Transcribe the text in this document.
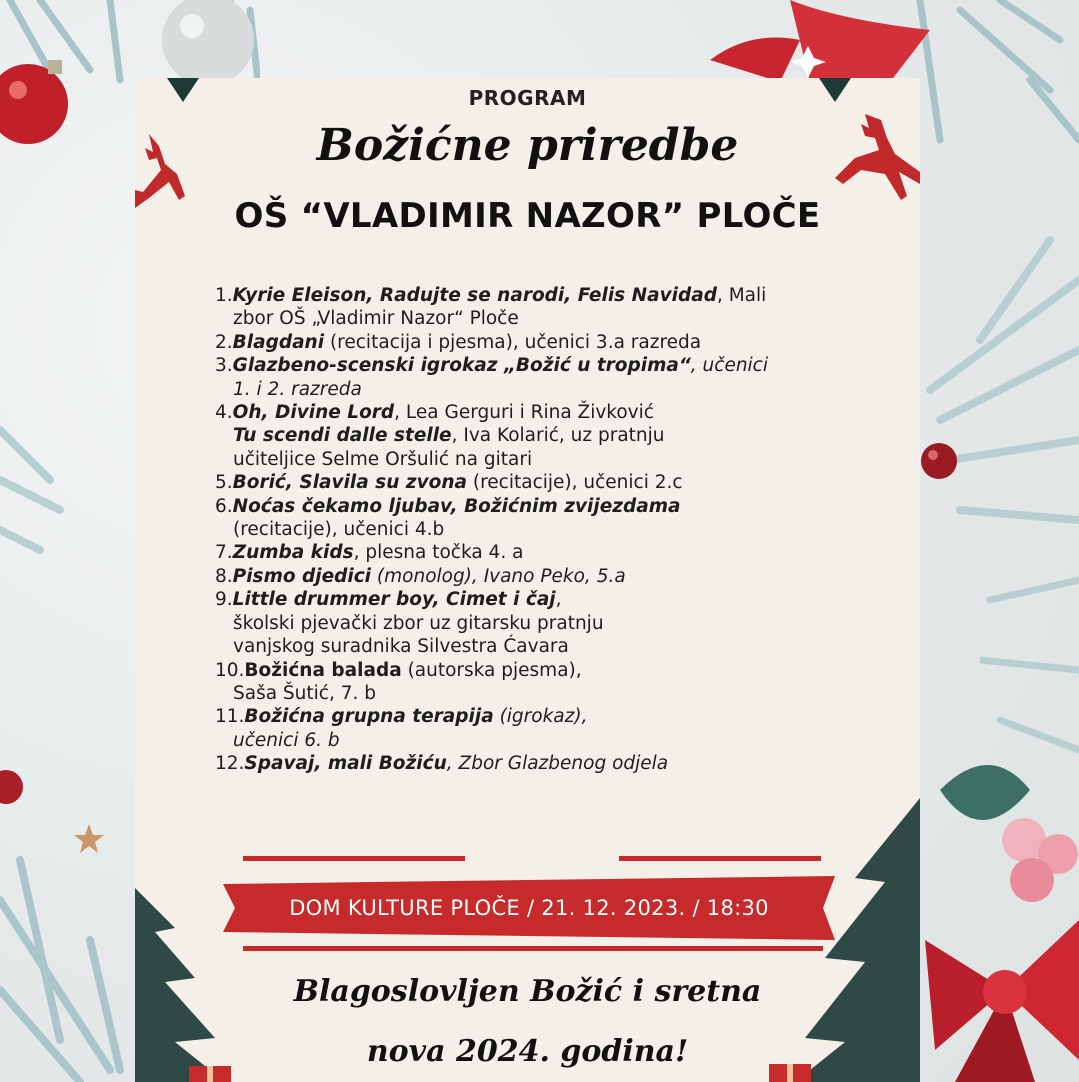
PROGRAM
Božićne priredbe
OŠ “VLADIMIR NAZOR” PLOČE
1.Kyrie Eleison, Radujte se narodi, Felis Navidad, Mali
zbor OŠ „Vladimir Nazor“ Ploče
2.Blagdani (recitacija i pjesma), učenici 3.a razreda
3.Glazbeno-scenski igrokaz „Božić u tropima“, učenici
1. i 2. razreda
4.Oh, Divine Lord, Lea Gerguri i Rina Živković
Tu scendi dalle stelle, Iva Kolarić, uz pratnju
učiteljice Selme Oršulić na gitari
5.Borić, Slavila su zvona (recitacije), učenici 2.c
6.Noćas čekamo ljubav, Božićnim zvijezdama
(recitacije), učenici 4.b
7.Zumba kids, plesna točka 4. a
8.Pismo djedici (monolog), Ivano Peko, 5.a
9.Little drummer boy, Cimet i čaj,
školski pjevački zbor uz gitarsku pratnju
vanjskog suradnika Silvestra Ćavara
10.Božićna balada (autorska pjesma),
Saša Šutić, 7. b
11.Božićna grupna terapija (igrokaz),
učenici 6. b
12.Spavaj, mali Božiću, Zbor Glazbenog odjela
DOM KULTURE PLOČE / 21. 12. 2023. / 18:30
Blagoslovljen Božić i sretna
nova 2024. godina!
